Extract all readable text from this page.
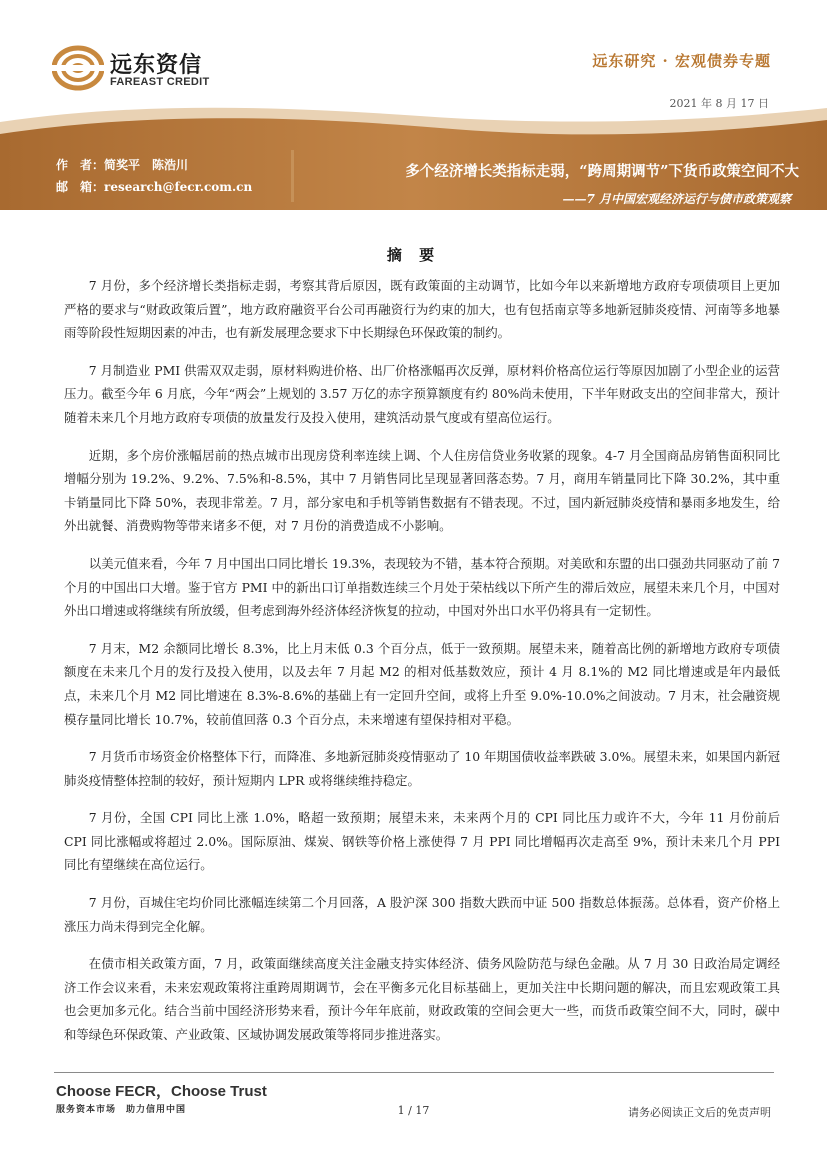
远东资信
FAREAST CREDIT
远东研究 · 宏观债券专题
2021 年 8 月 17 日
作　者：简奖平　陈浩川
邮　箱：research@fecr.com.cn
多个经济增长类指标走弱，“跨周期调节”下货币政策空间不大
——7 月中国宏观经济运行与债市政策观察
摘 要

7 月份，多个经济增长类指标走弱，考察其背后原因，既有政策面的主动调节，比如今年以来新增地方政府专项债项目上更加严格的要求与“财政政策后置”，地方政府融资平台公司再融资行为约束的加大，也有包括南京等多地新冠肺炎疫情、河南等多地暴雨等阶段性短期因素的冲击，也有新发展理念要求下中长期绿色环保政策的制约。

7 月制造业 PMI 供需双双走弱，原材料购进价格、出厂价格涨幅再次反弹，原材料价格高位运行等原因加剧了小型企业的运营压力。截至今年 6 月底，今年“两会”上规划的 3.57 万亿的赤字预算额度有约 80%尚未使用，下半年财政支出的空间非常大，预计随着未来几个月地方政府专项债的放量发行及投入使用，建筑活动景气度或有望高位运行。

近期，多个房价涨幅居前的热点城市出现房贷利率连续上调、个人住房信贷业务收紧的现象。4-7 月全国商品房销售面积同比增幅分别为 19.2%、9.2%、7.5%和-8.5%，其中 7 月销售同比呈现显著回落态势。7 月，商用车销量同比下降 30.2%，其中重卡销量同比下降 50%，表现非常差。7 月，部分家电和手机等销售数据有不错表现。不过，国内新冠肺炎疫情和暴雨多地发生，给外出就餐、消费购物等带来诸多不便，对 7 月份的消费造成不小影响。

以美元值来看，今年 7 月中国出口同比增长 19.3%，表现较为不错，基本符合预期。对美欧和东盟的出口强劲共同驱动了前 7 个月的中国出口大增。鉴于官方 PMI 中的新出口订单指数连续三个月处于荣枯线以下所产生的滞后效应，展望未来几个月，中国对外出口增速或将继续有所放缓，但考虑到海外经济体经济恢复的拉动，中国对外出口水平仍将具有一定韧性。

7 月末，M2 余额同比增长 8.3%，比上月末低 0.3 个百分点，低于一致预期。展望未来，随着高比例的新增地方政府专项债额度在未来几个月的发行及投入使用，以及去年 7 月起 M2 的相对低基数效应，预计 4 月 8.1%的 M2 同比增速或是年内最低点，未来几个月 M2 同比增速在 8.3%-8.6%的基础上有一定回升空间，或将上升至 9.0%-10.0%之间波动。7 月末，社会融资规模存量同比增长 10.7%，较前值回落 0.3 个百分点，未来增速有望保持相对平稳。

7 月货币市场资金价格整体下行，而降准、多地新冠肺炎疫情驱动了 10 年期国债收益率跌破 3.0%。展望未来，如果国内新冠肺炎疫情整体控制的较好，预计短期内 LPR 或将继续维持稳定。

7 月份，全国 CPI 同比上涨 1.0%，略超一致预期；展望未来，未来两个月的 CPI 同比压力或许不大，今年 11 月份前后 CPI 同比涨幅或将超过 2.0%。国际原油、煤炭、钢铁等价格上涨使得 7 月 PPI 同比增幅再次走高至 9%，预计未来几个月 PPI 同比有望继续在高位运行。

7 月份，百城住宅均价同比涨幅连续第二个月回落，A 股沪深 300 指数大跌而中证 500 指数总体振荡。总体看，资产价格上涨压力尚未得到完全化解。

在债市相关政策方面，7 月，政策面继续高度关注金融支持实体经济、债务风险防范与绿色金融。从 7 月 30 日政治局定调经济工作会议来看，未来宏观政策将注重跨周期调节，会在平衡多元化目标基础上，更加关注中长期问题的解决，而且宏观政策工具也会更加多元化。结合当前中国经济形势来看，预计今年年底前，财政政策的空间会更大一些，而货币政策空间不大，同时，碳中和等绿色环保政策、产业政策、区域协调发展政策等将同步推进落实。

Choose FECR，Choose Trust
服务资本市场　助力信用中国	1 / 17	请务必阅读正文后的免责声明
